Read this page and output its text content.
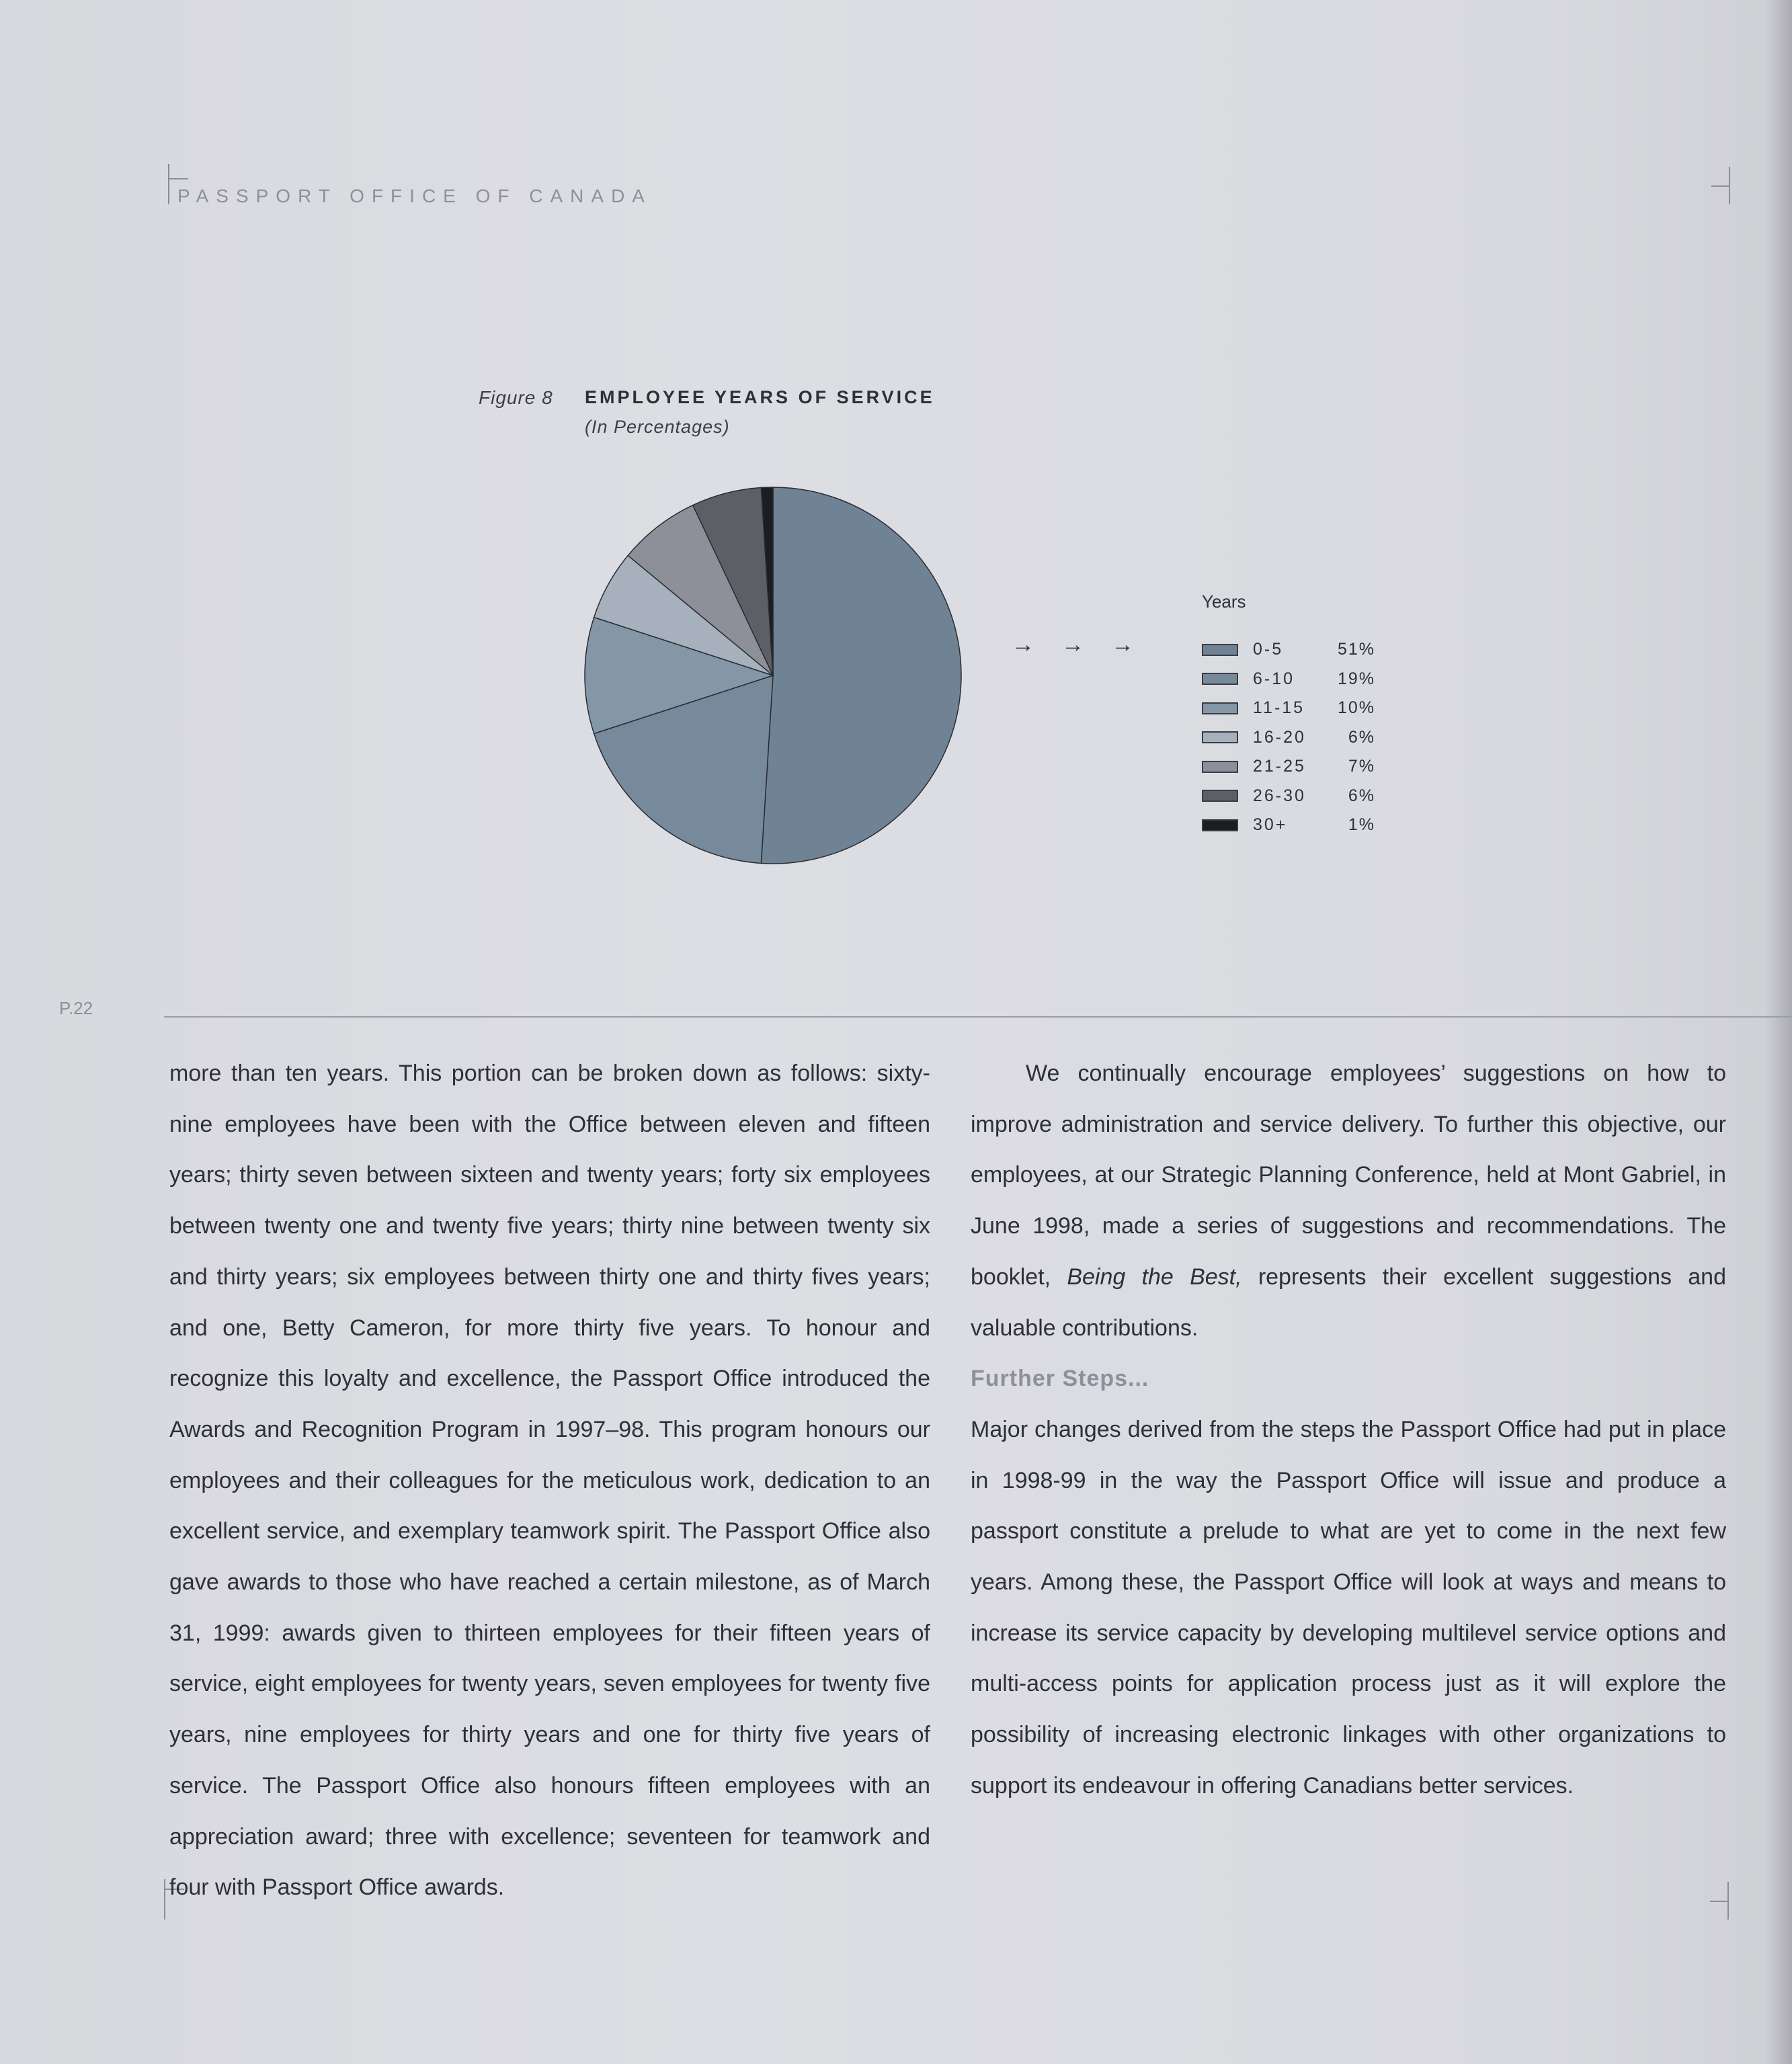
PASSPORT OFFICE OF CANADA
Figure 8 EMPLOYEE YEARS OF SERVICE
(In Percentages)
→→→
Years
0-5	51%
6-10	19%
11-15	10%
16-20	6%
21-25	7%
26-30	6%
30+	1%
P.22

more than ten years. This portion can be broken down as follows: sixty-nine employees have been with the Office between eleven and fifteen years; thirty seven between sixteen and twenty years; forty six employees between twenty one and twenty five years; thirty nine between twenty six and thirty years; six employees between thirty one and thirty fives years; and one, Betty Cameron, for more thirty five years. To honour and recognize this loyalty and excellence, the Passport Office introduced the Awards and Recognition Program in 1997–98. This program honours our employees and their colleagues for the meticulous work, dedication to an excellent service, and exemplary teamwork spirit. The Passport Office also gave awards to those who have reached a certain milestone, as of March 31, 1999: awards given to thirteen employees for their fifteen years of service, eight employees for twenty years, seven employees for twenty five years, nine employees for thirty years and one for thirty five years of service. The Passport Office also honours fifteen employees with an appreciation award; three with excellence; seventeen for teamwork and four with Passport Office awards.

We continually encourage employees’ suggestions on how to improve administration and service delivery. To further this objective, our employees, at our Strategic Planning Conference, held at Mont Gabriel, in June 1998, made a series of suggestions and recommendations. The booklet, Being the Best, represents their excellent suggestions and valuable contributions.

Further Steps...

Major changes derived from the steps the Passport Office had put in place in 1998-99 in the way the Passport Office will issue and produce a passport constitute a prelude to what are yet to come in the next few years. Among these, the Passport Office will look at ways and means to increase its service capacity by developing multilevel service options and multi-access points for application process just as it will explore the possibility of increasing electronic linkages with other organizations to support its endeavour in offering Canadians better services.
